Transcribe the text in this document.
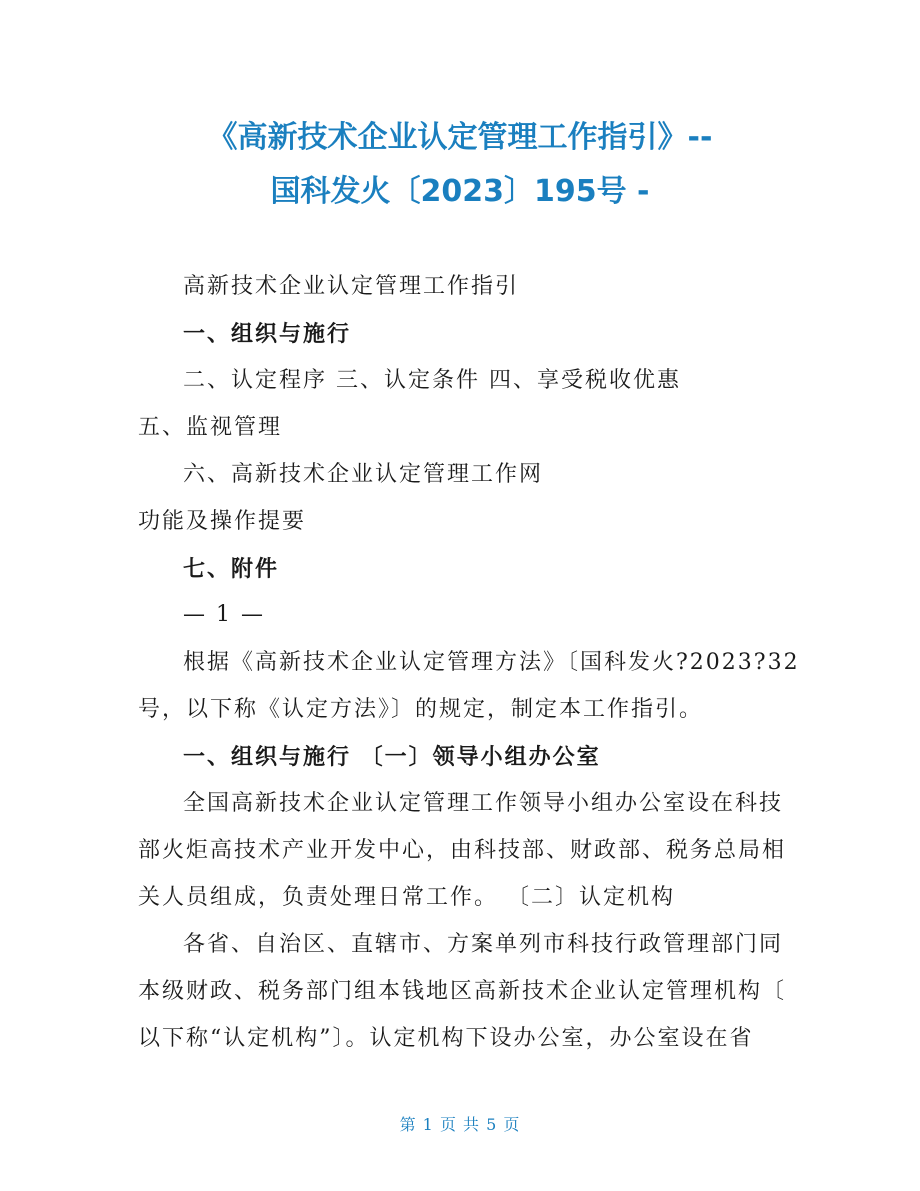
《高新技术企业认定管理工作指引》--
国科发火〔2023〕195号 -
高新技术企业认定管理工作指引
一、组织与施行
二、认定程序 三、认定条件 四、享受税收优惠
五、监视管理
六、高新技术企业认定管理工作网
功能及操作提要
七、附件
— 1 —
根据《高新技术企业认定管理方法》〔国科发火?2023?32
号，以下称《认定方法》〕的规定，制定本工作指引。
一、组织与施行 〔一〕领导小组办公室
全国高新技术企业认定管理工作领导小组办公室设在科技
部火炬高技术产业开发中心，由科技部、财政部、税务总局相
关人员组成，负责处理日常工作。 〔二〕认定机构
各省、自治区、直辖市、方案单列市科技行政管理部门同
本级财政、税务部门组本钱地区高新技术企业认定管理机构〔
以下称“认定机构”〕。认定机构下设办公室，办公室设在省
第 1 页 共 5 页
